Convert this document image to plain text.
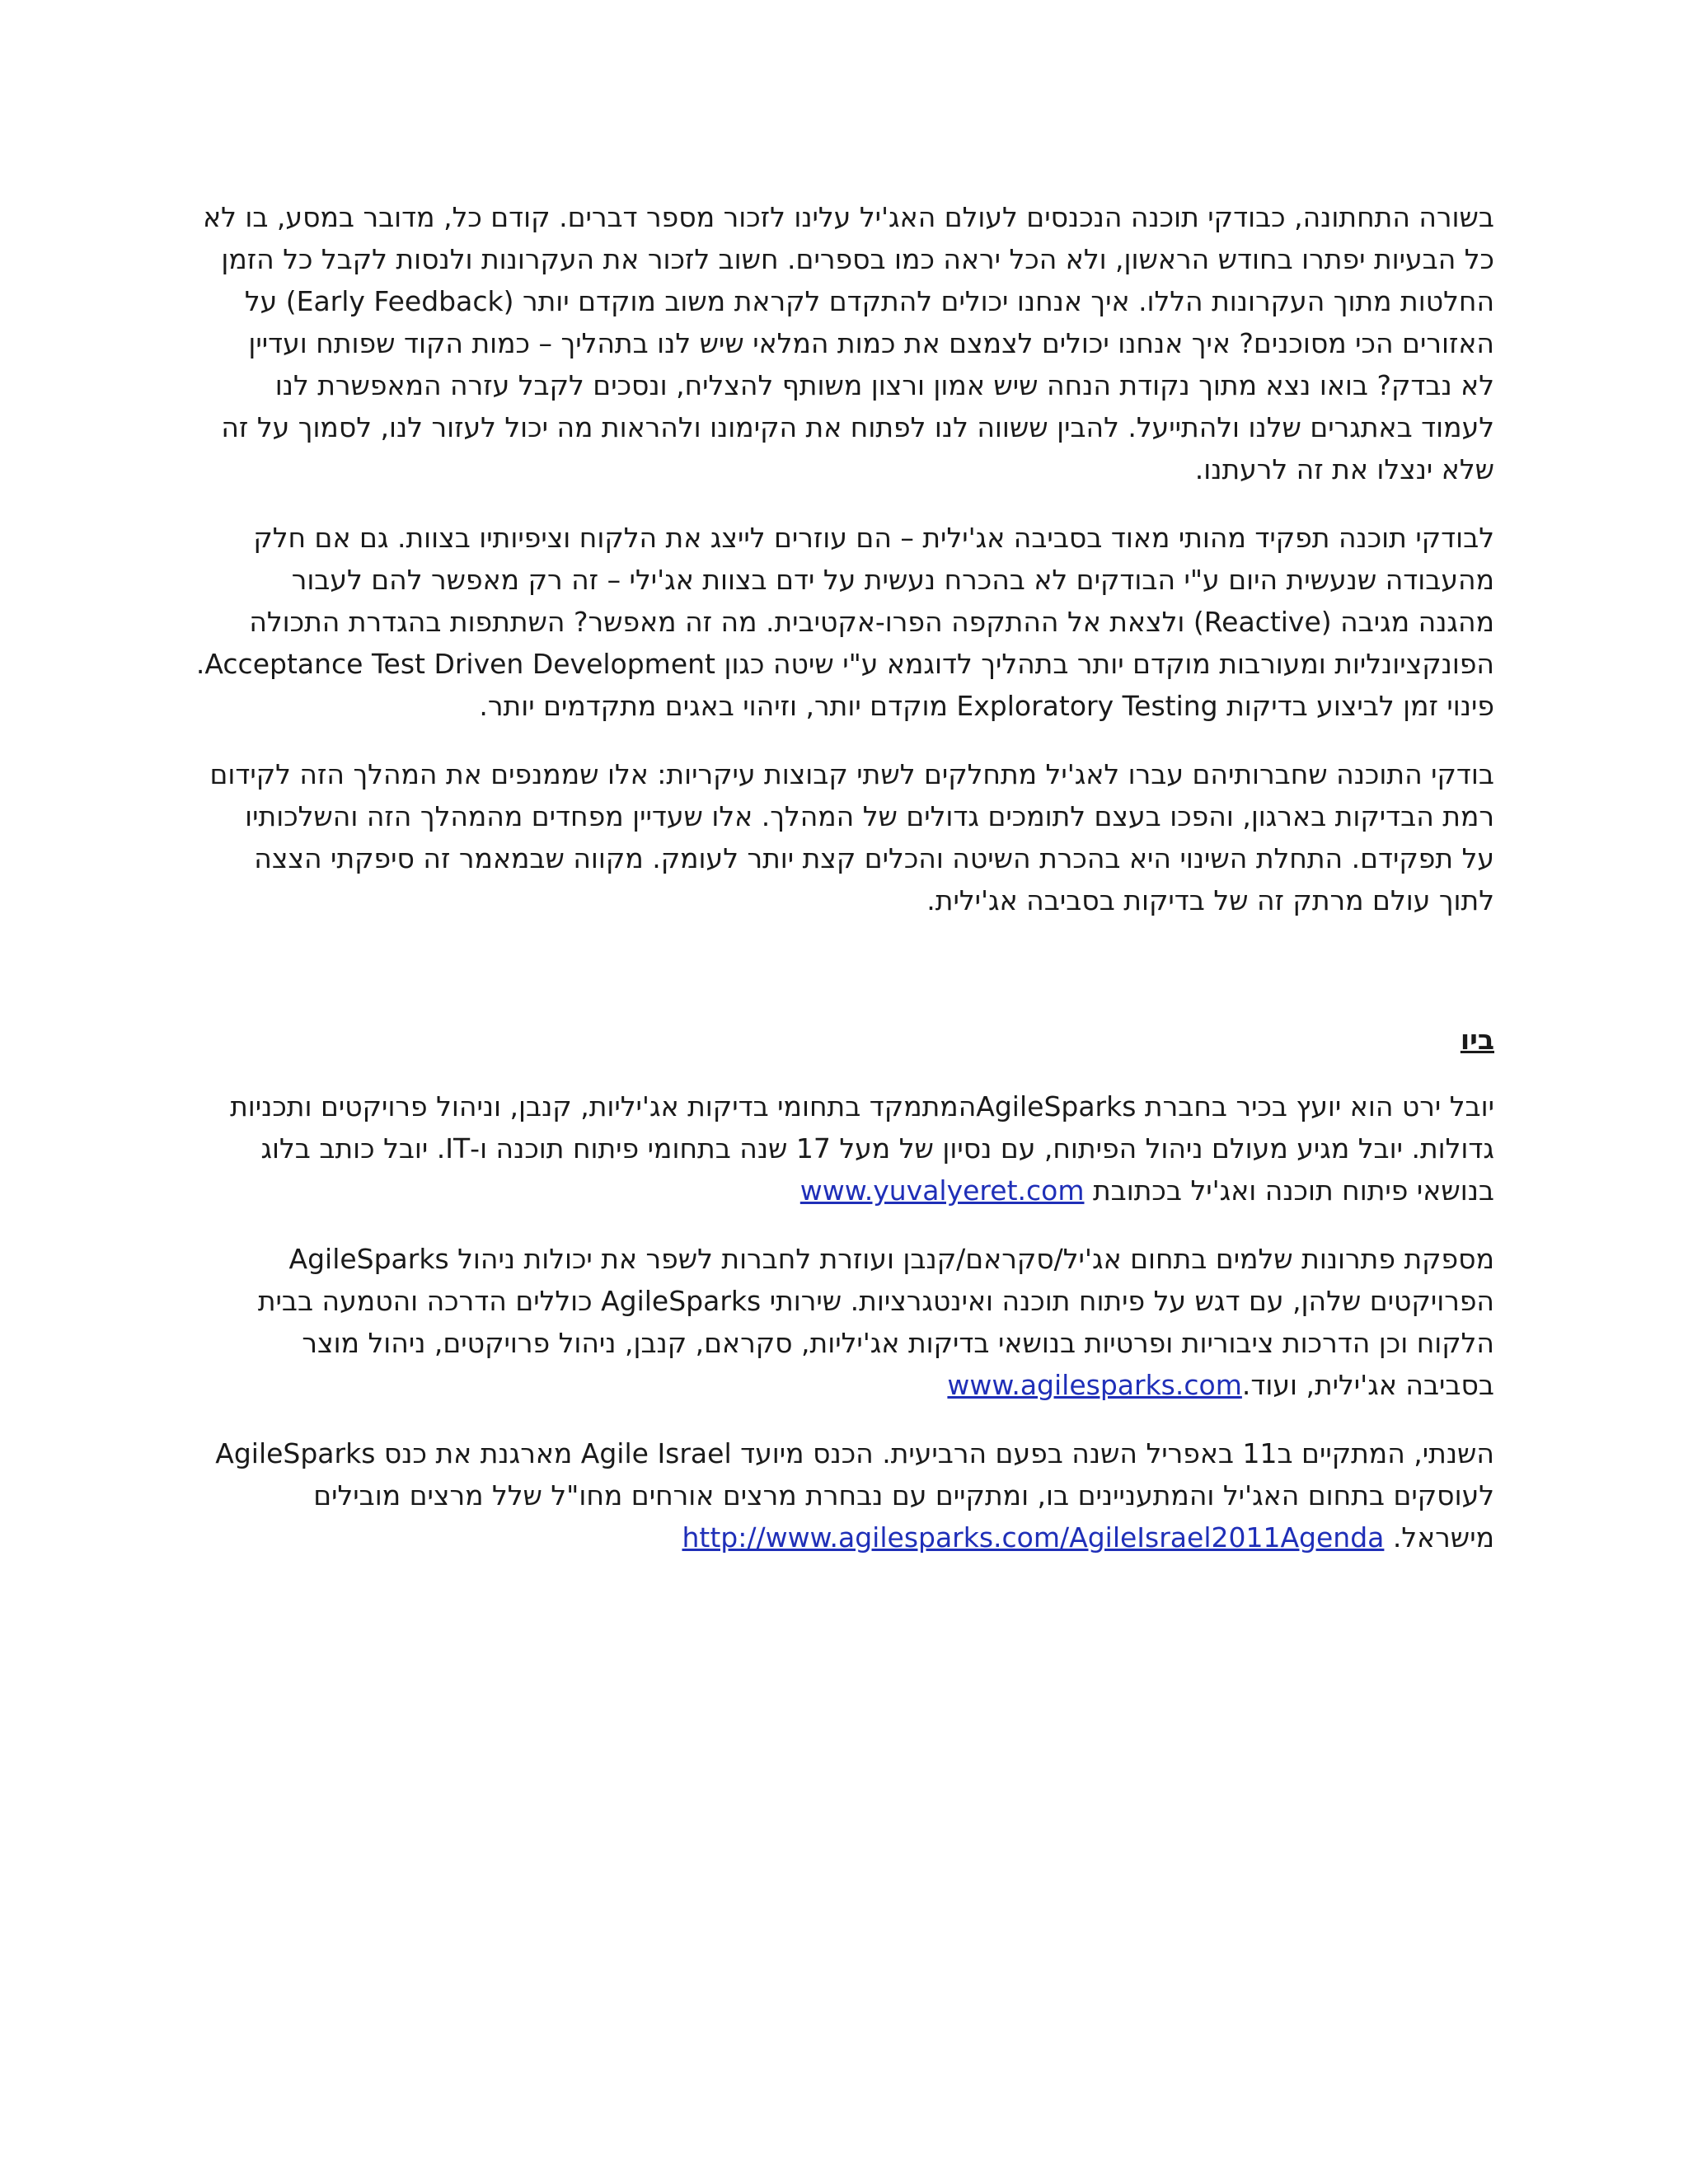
בשורה התחתונה, כבודקי תוכנה הנכנסים לעולם האג'יל עלינו לזכור מספר דברים. קודם כל, מדובר במסע, בו לא
כל הבעיות יפתרו בחודש הראשון, ולא הכל יראה כמו בספרים. חשוב לזכור את העקרונות ולנסות לקבל כל הזמן
החלטות מתוך העקרונות הללו. איך אנחנו יכולים להתקדם לקראת משוב מוקדם יותר (Early Feedback) על
האזורים הכי מסוכנים? איך אנחנו יכולים לצמצם את כמות המלאי שיש לנו בתהליך – כמות הקוד שפותח ועדיין
לא נבדק? בואו נצא מתוך נקודת הנחה שיש אמון ורצון משותף להצליח, ונסכים לקבל עזרה המאפשרת לנו
לעמוד באתגרים שלנו ולהתייעל. להבין ששווה לנו לפתוח את הקימונו ולהראות מה יכול לעזור לנו, לסמוך על זה
שלא ינצלו את זה לרעתנו.

לבודקי תוכנה תפקיד מהותי מאוד בסביבה אג'ילית – הם עוזרים לייצג את הלקוח וציפיותיו בצוות. גם אם חלק
מהעבודה שנעשית היום ע"י הבודקים לא בהכרח נעשית על ידם בצוות אג'ילי – זה רק מאפשר להם לעבור
מהגנה מגיבה (Reactive) ולצאת אל ההתקפה הפרו-אקטיבית. מה זה מאפשר? השתתפות בהגדרת התכולה
הפונקציונליות ומעורבות מוקדם יותר בתהליך לדוגמא ע"י שיטה כגון Acceptance Test Driven Development.
פינוי זמן לביצוע בדיקות Exploratory Testing מוקדם יותר, וזיהוי באגים מתקדמים יותר.

בודקי התוכנה שחברותיהם עברו לאג'יל מתחלקים לשתי קבוצות עיקריות: אלו שממנפים את המהלך הזה לקידום
רמת הבדיקות בארגון, והפכו בעצם לתומכים גדולים של המהלך. אלו שעדיין מפחדים מהמהלך הזה והשלכותיו
על תפקידם. התחלת השינוי היא בהכרת השיטה והכלים קצת יותר לעומק. מקווה שבמאמר זה סיפקתי הצצה
לתוך עולם מרתק זה של בדיקות בסביבה אג'ילית.

ביו

יובל ירט הוא יועץ בכיר בחברת AgileSparksהמתמקד בתחומי בדיקות אג'יליות, קנבן, וניהול פרויקטים ותכניות
גדולות. יובל מגיע מעולם ניהול הפיתוח, עם נסיון של מעל 17 שנה בתחומי פיתוח תוכנה ו-IT. יובל כותב בלוג
בנושאי פיתוח תוכנה ואג'יל בכתובת www.yuvalyeret.com

AgileSparks מספקת פתרונות שלמים בתחום אג'יל/סקראם/קנבן ועוזרת לחברות לשפר את יכולות ניהול
הפרויקטים שלהן, עם דגש על פיתוח תוכנה ואינטגרציות. שירותי AgileSparks כוללים הדרכה והטמעה בבית
הלקוח וכן הדרכות ציבוריות ופרטיות בנושאי בדיקות אג'יליות, סקראם, קנבן, ניהול פרויקטים, ניהול מוצר
בסביבה אג'ילית, ועוד.www.agilesparks.com

AgileSparks מארגנת את כנס Agile Israel השנתי, המתקיים ב11 באפריל השנה בפעם הרביעית. הכנס מיועד
לעוסקים בתחום האג'יל והמתעניינים בו, ומתקיים עם נבחרת מרצים אורחים מחו"ל שלל מרצים מובילים
מישראל. http://www.agilesparks.com/AgileIsrael2011Agenda
